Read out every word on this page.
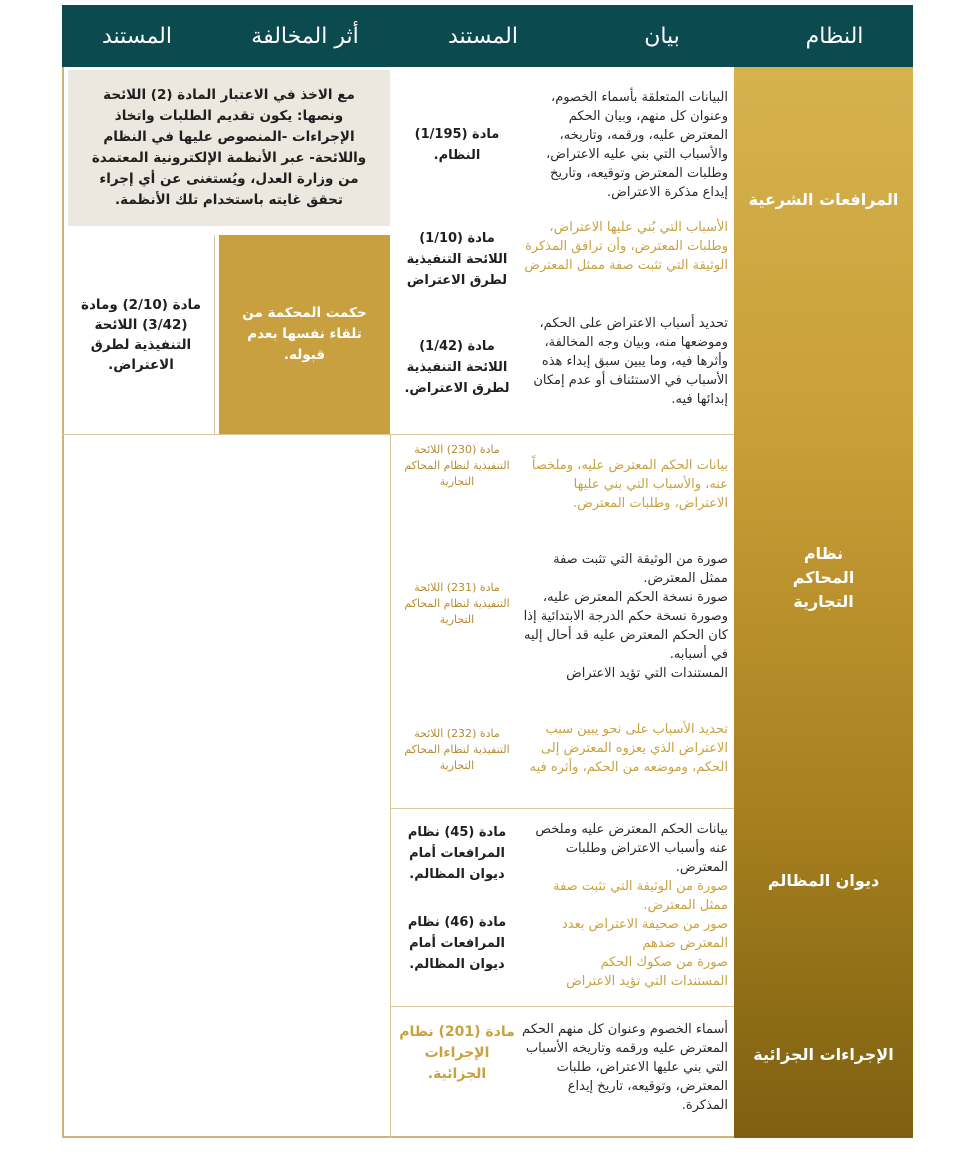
النظام
بيان
المستند
أثر المخالفة
المستند
المرافعات الشرعية
نظام المحاكم التجارية
ديوان المظالم
الإجراءات الجزائية
البيانات المتعلقة بأسماء الخصوم، وعنوان كل منهم، وبيان الحكم المعترض عليه، ورقمه، وتاريخه، والأسباب التي بني عليه الاعتراض، وطلبات المعترض وتوقيعه، وتاريخ إيداع مذكرة الاعتراض.
الأسباب التي بُني عليها الاعتراض، وطلبات المعترض، وأن ترافق المذكرة الوثيقة التي تثبت صفة ممثل المعترض
تحديد أسباب الاعتراض على الحكم، وموضعها منه، وبيان وجه المخالفة، وأثرها فيه، وما يبين سبق إبداء هذه الأسباب في الاستئناف أو عدم إمكان إبدائها فيه.
مادة (1/195) النظام.
مادة (1/10) اللائحة التنفيذية لطرق الاعتراض
مادة (1/42) اللائحة التنفيذية لطرق الاعتراض.
مع الاخذ في الاعتبار المادة (2) اللائحة ونصها: يكون تقديم الطلبات واتخاذ الإجراءات -المنصوص عليها في النظام واللائحة- عبر الأنظمة الإلكترونية المعتمدة من وزارة العدل، ويُستغنى عن أي إجراء تحقق غايته باستخدام تلك الأنظمة.
حكمت المحكمة من تلقاء نفسها بعدم قبوله.
مادة (2/10) ومادة (3/42) اللائحة التنفيذية لطرق الاعتراض.
بيانات الحكم المعترض عليه، وملخصاً عنه، والأسباب التي بني عليها الاعتراض، وطلبات المعترض.

صورة من الوثيقة التي تثبت صفة ممثل المعترض.

صورة نسخة الحكم المعترض عليه، وصورة نسخة حكم الدرجة الابتدائية إذا كان الحكم المعترض عليه قد أحال إليه في أسبابه.

المستندات التي تؤيد الاعتراض

تحديد الأسباب على نحو يبين سبب الاعتراض الذي يعزوه المعترض إلى الحكم، وموضعه من الحكم، وأثره فيه
مادة (230) اللائحة التنفيذية لنظام المحاكم التجارية
مادة (231) اللائحة التنفيذية لنظام المحاكم التجارية
مادة (232) اللائحة التنفيذية لنظام المحاكم التجارية

بيانات الحكم المعترض عليه وملخص عنه وأسباب الاعتراض وطلبات المعترض.

صورة من الوثيقة التي تثبت صفة ممثل المعترض.

صور من صحيفة الاعتراض بعدد المعترض ضدهم

صورة من صكوك الحكم

المستندات التي تؤيد الاعتراض

مادة (45) نظام المرافعات أمام ديوان المظالم.
مادة (46) نظام المرافعات أمام ديوان المظالم.
أسماء الخصوم وعنوان كل منهم الحكم المعترض عليه ورقمه وتاريخه الأسباب التي بني عليها الاعتراض، طلبات المعترض، وتوقيعه، تاريخ إيداع المذكرة.
مادة (201) نظام الإجراءات الجزائية.
